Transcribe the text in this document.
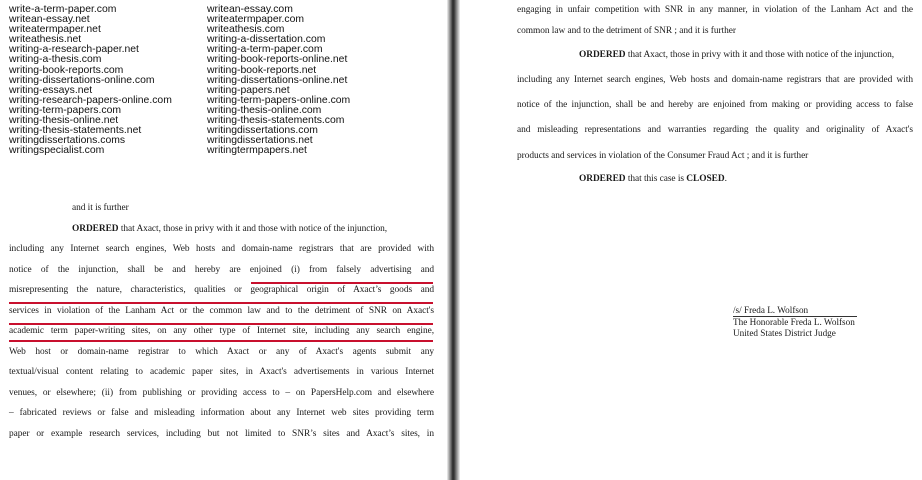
write-a-term-paper.com
writean-essay.net
writeatermpaper.net
writeathesis.net
writing-a-research-paper.net
writing-a-thesis.com
writing-book-reports.com
writing-dissertations-online.com
writing-essays.net
writing-research-papers-online.com
writing-term-papers.com
writing-thesis-online.net
writing-thesis-statements.net
writingdissertations.coms
writingspecialist.com
writean-essay.com
writeatermpaper.com
writeathesis.com
writing-a-dissertation.com
writing-a-term-paper.com
writing-book-reports-online.net
writing-book-reports.net
writing-dissertations-online.net
writing-papers.net
writing-term-papers-online.com
writing-thesis-online.com
writing-thesis-statements.com
writingdissertations.com
writingdissertations.net
writingtermpapers.net
and it is further
ORDERED that Axact, those in privy with it and those with notice of the injunction,
including any Internet search engines, Web hosts and domain-name registrars that are provided with
notice of the injunction, shall be and hereby are enjoined (i) from falsely advertising and
misrepresenting the nature, characteristics, qualities or geographical origin of Axact’s goods and
services in violation of the Lanham Act or the common law and to the detriment of SNR on Axact's
academic term paper-writing sites, on any other type of Internet site, including any search engine,
Web host or domain-name registrar to which Axact or any of Axact's agents submit any
textual/visual content relating to academic paper sites, in Axact's advertisements in various Internet
venues, or elsewhere; (ii) from publishing or providing access to – on PapersHelp.com and elsewhere
– fabricated reviews or false and misleading information about any Internet web sites providing term
paper or example research services, including but not limited to SNR’s sites and Axact’s sites, in
engaging in unfair competition with SNR in any manner, in violation of the Lanham Act and the
common law and to the detriment of SNR ; and it is further
ORDERED that Axact, those in privy with it and those with notice of the injunction,
including any Internet search engines, Web hosts and domain-name registrars that are provided with
notice of the injunction, shall be and hereby are enjoined from making or providing access to false
and misleading representations and warranties regarding the quality and originality of Axact's
products and services in violation of the Consumer Fraud Act ; and it is further
ORDERED that this case is CLOSED.
/s/ Freda L. Wolfson
The Honorable Freda L. Wolfson
United States District Judge
